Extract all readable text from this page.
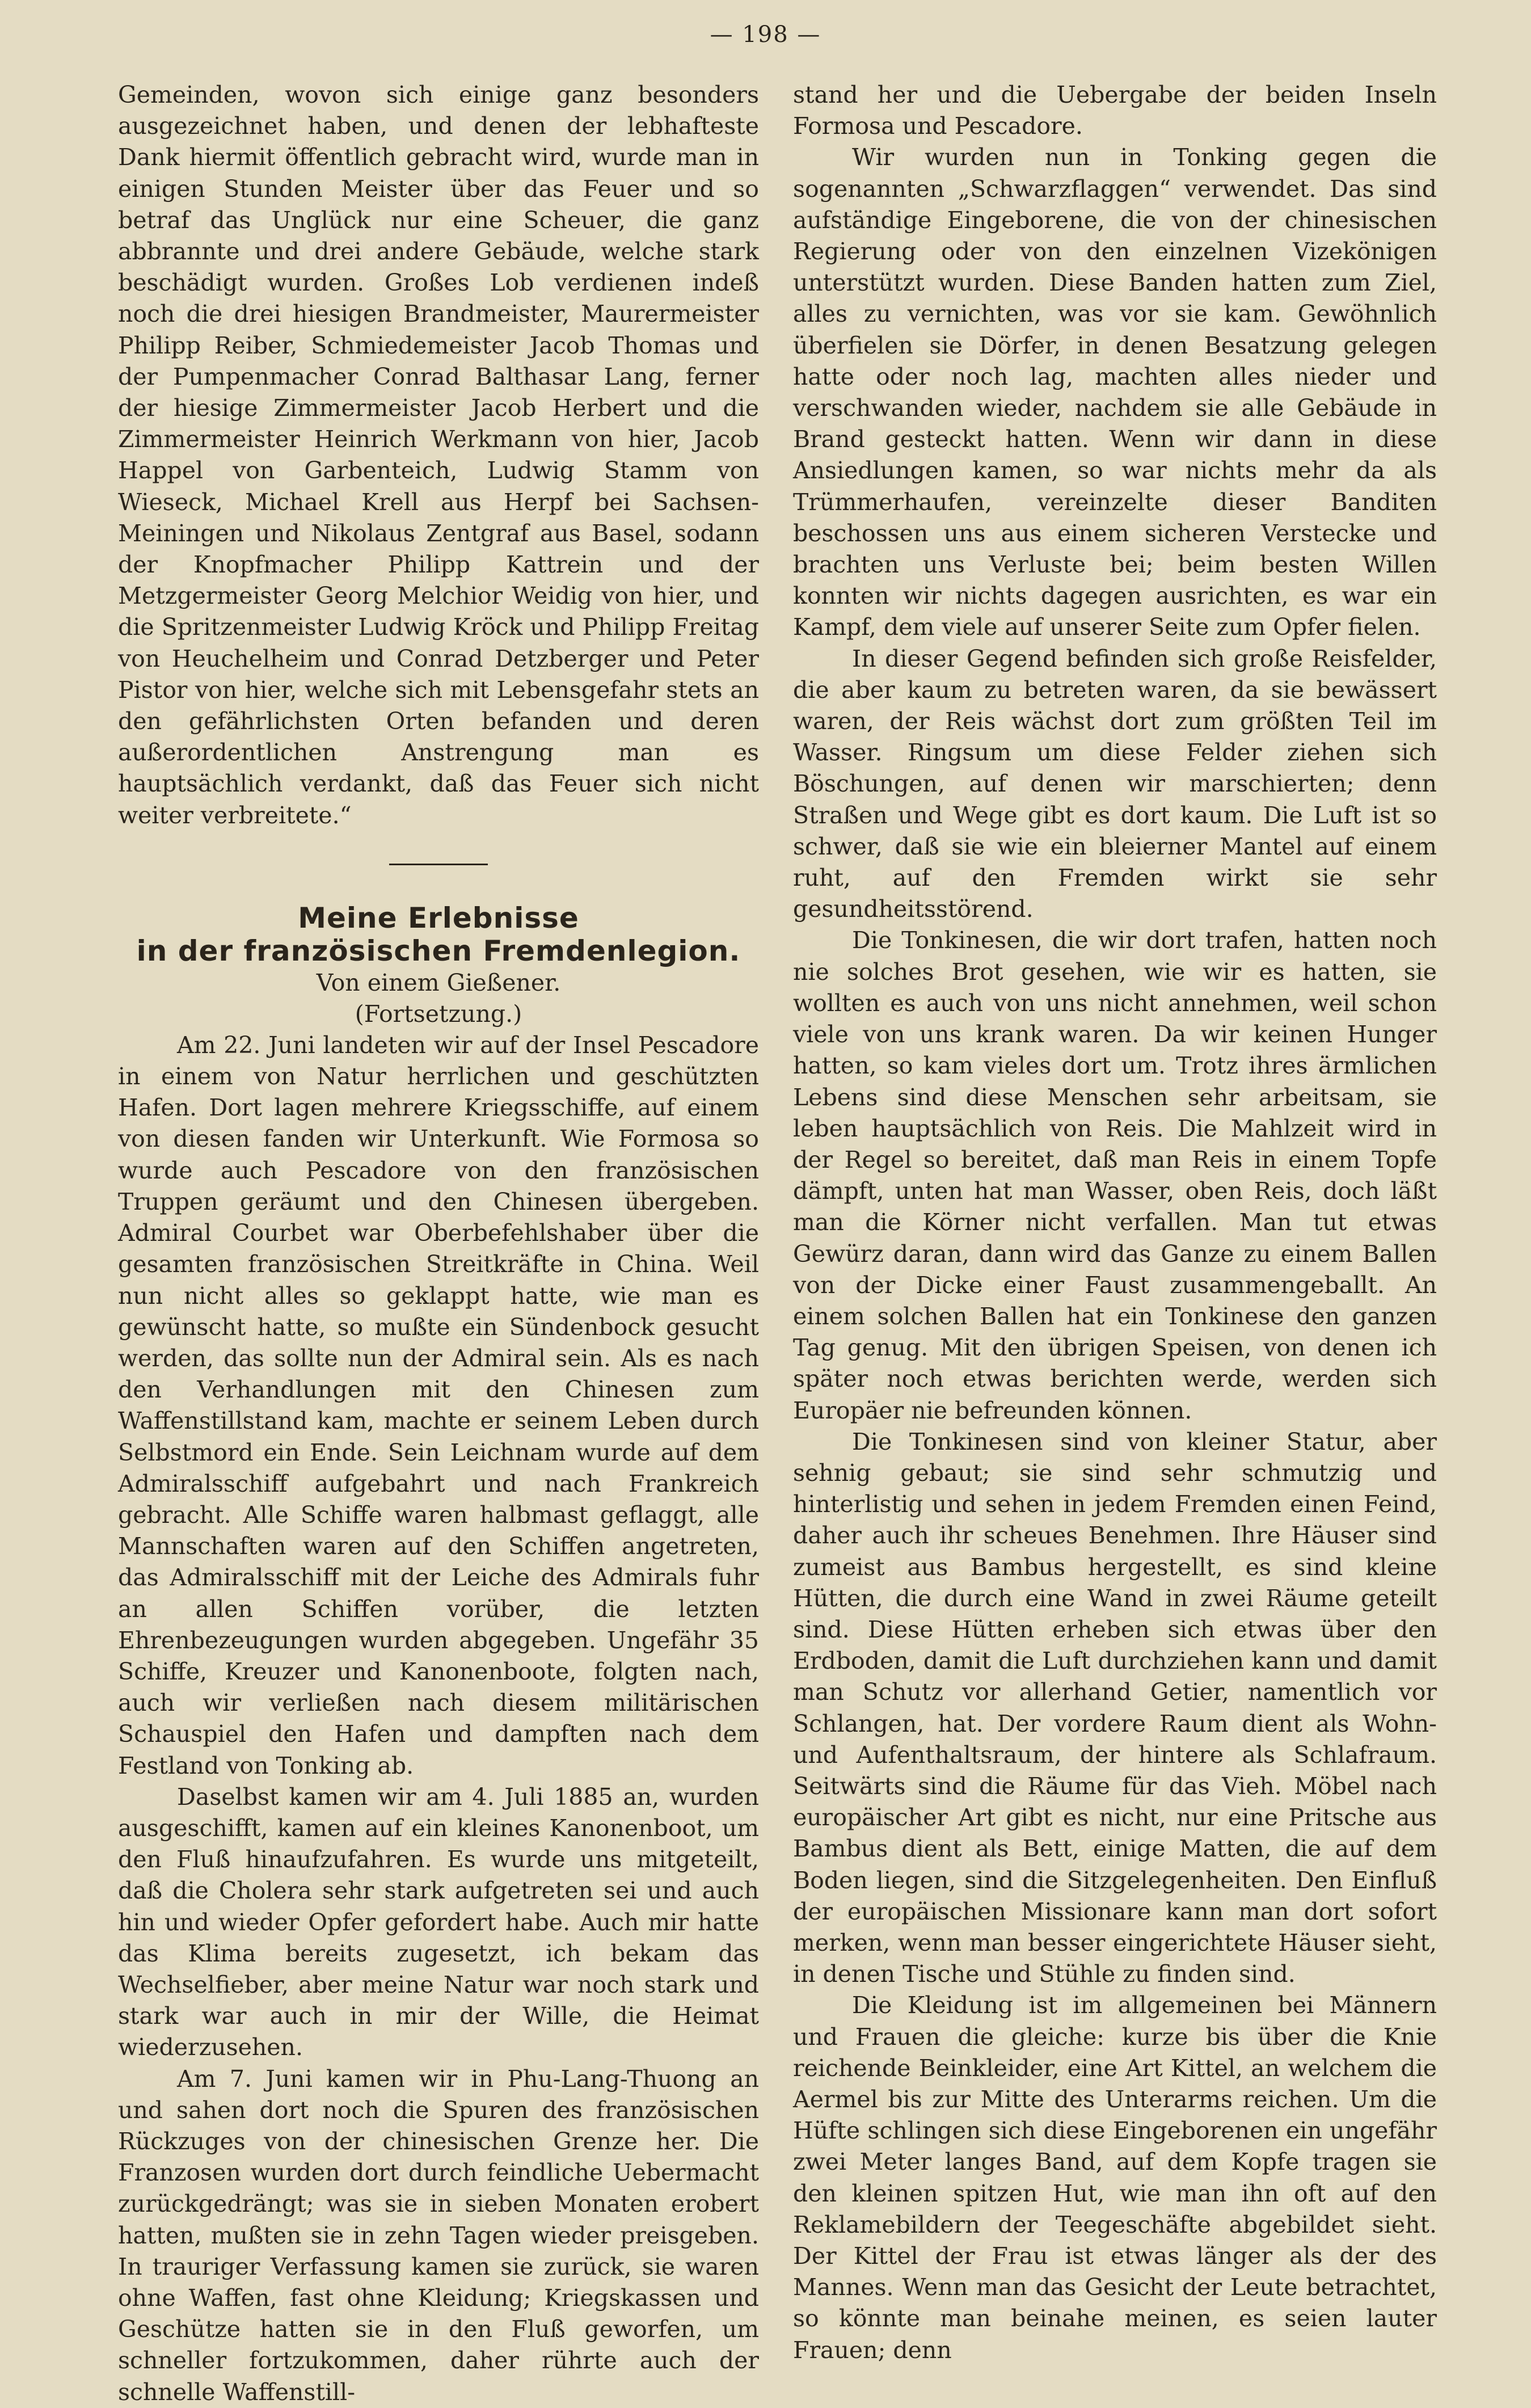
— 198 —

Gemeinden, wovon sich einige ganz besonders ausgezeichnet haben, und denen der lebhafteste Dank hiermit öffentlich gebracht wird, wurde man in einigen Stunden Meister über das Feuer und so betraf das Unglück nur eine Scheuer, die ganz abbrannte und drei andere Gebäude, welche stark beschädigt wurden. Großes Lob verdienen indeß noch die drei hiesigen Brandmeister, Maurermeister Philipp Reiber, Schmiedemeister Jacob Thomas und der Pumpenmacher Conrad Balthasar Lang, ferner der hiesige Zimmermeister Jacob Herbert und die Zimmermeister Heinrich Werkmann von hier, Jacob Happel von Garbenteich, Ludwig Stamm von Wieseck, Michael Krell aus Herpf bei Sachsen-Meiningen und Nikolaus Zentgraf aus Basel, sodann der Knopfmacher Philipp Kattrein und der Metzgermeister Georg Melchior Weidig von hier, und die Spritzenmeister Ludwig Kröck und Philipp Freitag von Heuchelheim und Conrad Detzberger und Peter Pistor von hier, welche sich mit Lebensgefahr stets an den gefährlichsten Orten befanden und deren außerordentlichen Anstrengung man es hauptsächlich verdankt, daß das Feuer sich nicht weiter verbreitete.“

Meine Erlebnisse
in der französischen Fremdenlegion.
Von einem Gießener.
(Fortsetzung.)

Am 22. Juni landeten wir auf der Insel Pescadore in einem von Natur herrlichen und geschützten Hafen. Dort lagen mehrere Kriegsschiffe, auf einem von diesen fanden wir Unterkunft. Wie Formosa so wurde auch Pescadore von den französischen Truppen geräumt und den Chinesen übergeben. Admiral Courbet war Oberbefehlshaber über die gesamten französischen Streitkräfte in China. Weil nun nicht alles so geklappt hatte, wie man es gewünscht hatte, so mußte ein Sündenbock gesucht werden, das sollte nun der Admiral sein. Als es nach den Verhandlungen mit den Chinesen zum Waffenstillstand kam, machte er seinem Leben durch Selbstmord ein Ende. Sein Leichnam wurde auf dem Admiralsschiff aufgebahrt und nach Frankreich gebracht. Alle Schiffe waren halbmast geflaggt, alle Mannschaften waren auf den Schiffen angetreten, das Admiralsschiff mit der Leiche des Admirals fuhr an allen Schiffen vorüber, die letzten Ehrenbezeugungen wurden abgegeben. Ungefähr 35 Schiffe, Kreuzer und Kanonenboote, folgten nach, auch wir verließen nach diesem militärischen Schauspiel den Hafen und dampften nach dem Festland von Tonking ab.

Daselbst kamen wir am 4. Juli 1885 an, wurden ausgeschifft, kamen auf ein kleines Kanonenboot, um den Fluß hinaufzufahren. Es wurde uns mitgeteilt, daß die Cholera sehr stark aufgetreten sei und auch hin und wieder Opfer gefordert habe. Auch mir hatte das Klima bereits zugesetzt, ich bekam das Wechselfieber, aber meine Natur war noch stark und stark war auch in mir der Wille, die Heimat wiederzusehen.

Am 7. Juni kamen wir in Phu-Lang-Thuong an und sahen dort noch die Spuren des französischen Rückzuges von der chinesischen Grenze her. Die Franzosen wurden dort durch feindliche Uebermacht zurückgedrängt; was sie in sieben Monaten erobert hatten, mußten sie in zehn Tagen wieder preisgeben. In trauriger Verfassung kamen sie zurück, sie waren ohne Waffen, fast ohne Kleidung; Kriegskassen und Geschütze hatten sie in den Fluß geworfen, um schneller fortzukommen, daher rührte auch der schnelle Waffenstill-

stand her und die Uebergabe der beiden Inseln Formosa und Pescadore.

Wir wurden nun in Tonking gegen die sogenannten „Schwarzflaggen“ verwendet. Das sind aufständige Eingeborene, die von der chinesischen Regierung oder von den einzelnen Vizekönigen unterstützt wurden. Diese Banden hatten zum Ziel, alles zu vernichten, was vor sie kam. Gewöhnlich überfielen sie Dörfer, in denen Besatzung gelegen hatte oder noch lag, machten alles nieder und verschwanden wieder, nachdem sie alle Gebäude in Brand gesteckt hatten. Wenn wir dann in diese Ansiedlungen kamen, so war nichts mehr da als Trümmerhaufen, vereinzelte dieser Banditen beschossen uns aus einem sicheren Verstecke und brachten uns Verluste bei; beim besten Willen konnten wir nichts dagegen ausrichten, es war ein Kampf, dem viele auf unserer Seite zum Opfer fielen.

In dieser Gegend befinden sich große Reisfelder, die aber kaum zu betreten waren, da sie bewässert waren, der Reis wächst dort zum größten Teil im Wasser. Ringsum um diese Felder ziehen sich Böschungen, auf denen wir marschierten; denn Straßen und Wege gibt es dort kaum. Die Luft ist so schwer, daß sie wie ein bleierner Mantel auf einem ruht, auf den Fremden wirkt sie sehr gesundheitsstörend.

Die Tonkinesen, die wir dort trafen, hatten noch nie solches Brot gesehen, wie wir es hatten, sie wollten es auch von uns nicht annehmen, weil schon viele von uns krank waren. Da wir keinen Hunger hatten, so kam vieles dort um. Trotz ihres ärmlichen Lebens sind diese Menschen sehr arbeitsam, sie leben hauptsächlich von Reis. Die Mahlzeit wird in der Regel so bereitet, daß man Reis in einem Topfe dämpft, unten hat man Wasser, oben Reis, doch läßt man die Körner nicht verfallen. Man tut etwas Gewürz daran, dann wird das Ganze zu einem Ballen von der Dicke einer Faust zusammengeballt. An einem solchen Ballen hat ein Tonkinese den ganzen Tag genug. Mit den übrigen Speisen, von denen ich später noch etwas berichten werde, werden sich Europäer nie befreunden können.

Die Tonkinesen sind von kleiner Statur, aber sehnig gebaut; sie sind sehr schmutzig und hinterlistig und sehen in jedem Fremden einen Feind, daher auch ihr scheues Benehmen. Ihre Häuser sind zumeist aus Bambus hergestellt, es sind kleine Hütten, die durch eine Wand in zwei Räume geteilt sind. Diese Hütten erheben sich etwas über den Erdboden, damit die Luft durchziehen kann und damit man Schutz vor allerhand Getier, namentlich vor Schlangen, hat. Der vordere Raum dient als Wohn- und Aufenthaltsraum, der hintere als Schlafraum. Seitwärts sind die Räume für das Vieh. Möbel nach europäischer Art gibt es nicht, nur eine Pritsche aus Bambus dient als Bett, einige Matten, die auf dem Boden liegen, sind die Sitzgelegenheiten. Den Einfluß der europäischen Missionare kann man dort sofort merken, wenn man besser eingerichtete Häuser sieht, in denen Tische und Stühle zu finden sind.

Die Kleidung ist im allgemeinen bei Männern und Frauen die gleiche: kurze bis über die Knie reichende Beinkleider, eine Art Kittel, an welchem die Aermel bis zur Mitte des Unterarms reichen. Um die Hüfte schlingen sich diese Eingeborenen ein ungefähr zwei Meter langes Band, auf dem Kopfe tragen sie den kleinen spitzen Hut, wie man ihn oft auf den Reklamebildern der Teegeschäfte abgebildet sieht. Der Kittel der Frau ist etwas länger als der des Mannes. Wenn man das Gesicht der Leute betrachtet, so könnte man beinahe meinen, es seien lauter Frauen; denn
